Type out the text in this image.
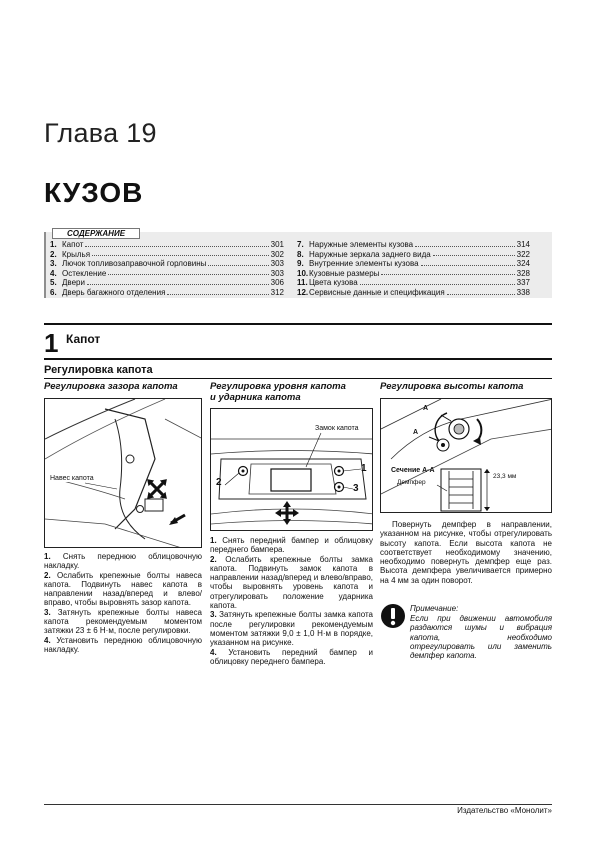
Глава 19
КУЗОВ
СОДЕРЖАНИЕ
1. Капот	301
2. Крылья	302
3. Лючок топливозаправочной горловины	303
4. Остекление	303
5. Двери	306
6. Дверь багажного отделения	312
7. Наружные элементы кузова	314
8. Наружные зеркала заднего вида	322
9. Внутренние элементы кузова	324
10. Кузовные размеры	328
11. Цвета кузова	337
12. Сервисные данные и спецификация	338
1 Капот
Регулировка капота
Регулировка зазора капота
Навес капота

1. Снять переднюю облицовочную накладку.

2. Ослабить крепежные болты навеса капота. Подвинуть навес капота в направлении назад/вперед и влево/вправо, чтобы выровнять зазор капота.

3. Затянуть крепежные болты навеса капота рекомендуемым моментом затяжки 23 ± 6 Н·м, после регулировки.

4. Установить переднюю облицовочную накладку.

Регулировка уровня капота
и ударника капота
Замок капота
1
2
3

1. Снять передний бампер и облицовку переднего бампера.

2. Ослабить крепежные болты замка капота. Подвинуть замок капота в направлении назад/вперед и влево/вправо, чтобы выровнять уровень капота и отрегулировать положение ударника капота.

3. Затянуть крепежные болты замка капота после регулировки рекомендуемым моментом затяжки 9,0 ± 1,0 Н·м в порядке, указанном на рисунке.

4. Установить передний бампер и облицовку переднего бампера.

Регулировка высоты капота
А
А
Сечение А-А
Демпфер
23,3 мм
Повернуть демпфер в направлении, указанном на рисунке, чтобы отрегулировать высоту капота. Если высота капота не соответствует необходимому значению, необходимо повернуть демпфер еще раз. Высота демпфера увеличивается примерно на 4 мм за один поворот.
Примечание:
Если при движении автомобиля раздаются шумы и вибрация капота, необходимо отрегулировать или заменить демпфер капота.
Издательство «Монолит»
